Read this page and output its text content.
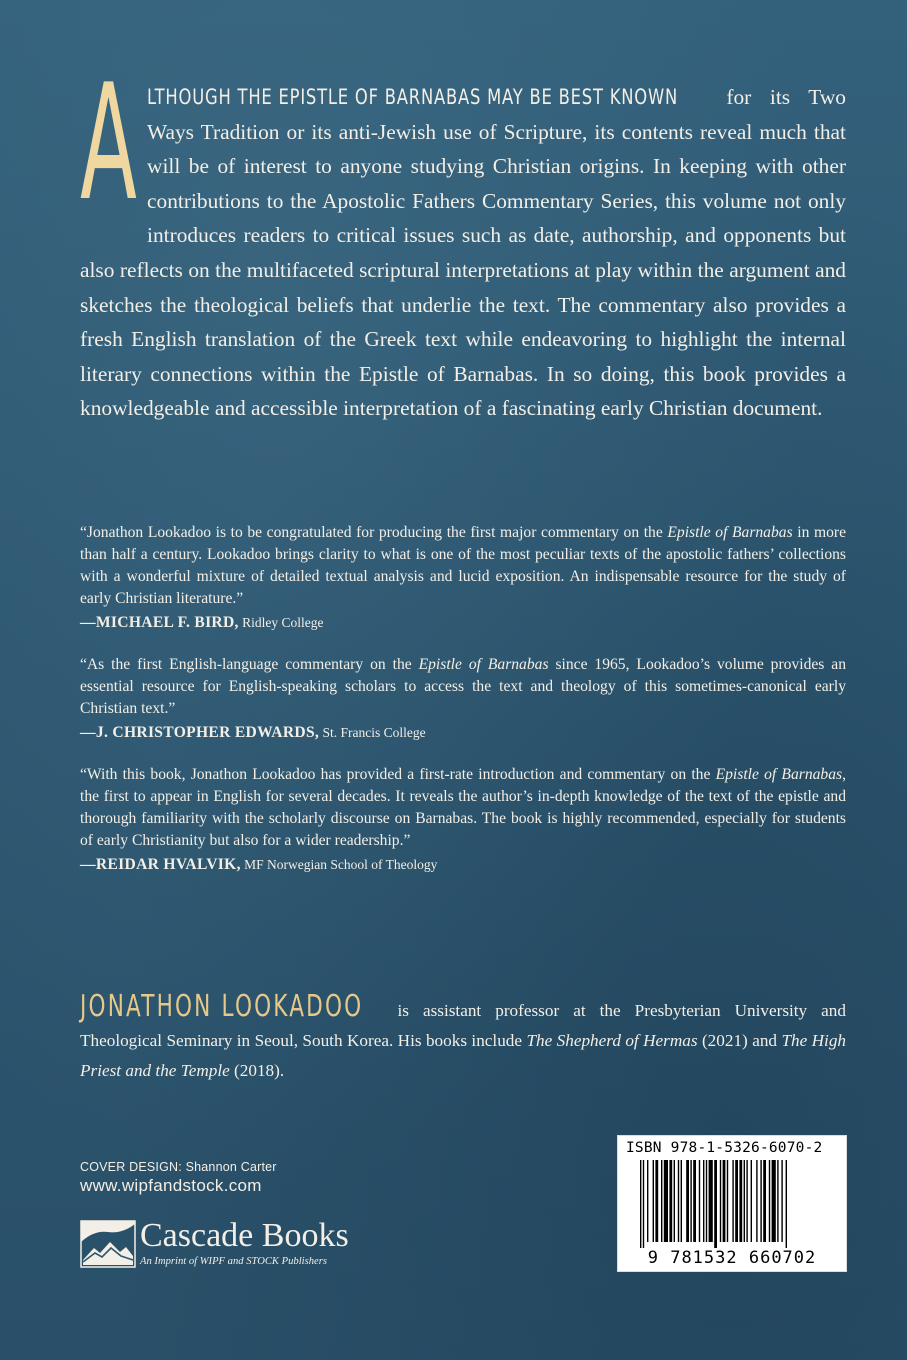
A LTHOUGH THE EPISTLE OF BARNABAS MAY BE BEST KNOWN for its Two Ways Tradition or its anti-Jewish use of Scripture, its contents reveal much that will be of interest to anyone studying Christian origins. In keeping with other contributions to the Apostolic Fathers Commentary Series, this volume not only introduces readers to critical issues such as date, authorship, and opponents but also reflects on the multifaceted scriptural interpretations at play within the argument and sketches the theological beliefs that underlie the text. The commentary also provides a fresh English translation of the Greek text while endeavoring to highlight the internal literary connections within the Epistle of Barnabas. In so doing, this book provides a knowledgeable and accessible interpretation of a fascinating early Christian document.

“Jonathon Lookadoo is to be congratulated for producing the first major commentary on the Epistle of Barnabas in more than half a century. Lookadoo brings clarity to what is one of the most peculiar texts of the apostolic fathers’ collections with a wonderful mixture of detailed textual analysis and lucid exposition. An indispensable resource for the study of early Christian literature.”

—MICHAEL F. BIRD, Ridley College

“As the first English-language commentary on the Epistle of Barnabas since 1965, Lookadoo’s volume provides an essential resource for English-speaking scholars to access the text and theology of this sometimes-canonical early Christian text.”

—J. CHRISTOPHER EDWARDS, St. Francis College

“With this book, Jonathon Lookadoo has provided a first-rate introduction and commentary on the Epistle of Barnabas, the first to appear in English for several decades. It reveals the author’s in-depth knowledge of the text of the epistle and thorough familiarity with the scholarly discourse on Barnabas. The book is highly recommended, especially for students of early Christianity but also for a wider readership.”

—REIDAR HVALVIK, MF Norwegian School of Theology
JONATHON LOOKADOO is assistant professor at the Presbyterian University and Theological Seminary in Seoul, South Korea. His books include The Shepherd of Hermas (2021) and The High Priest and the Temple (2018).
COVER DESIGN: Shannon Carter
www.wipfandstock.com
Cascade Books
An Imprint of WIPF and STOCK Publishers
ISBN 978-1-5326-6070-2
9 781532 660702
